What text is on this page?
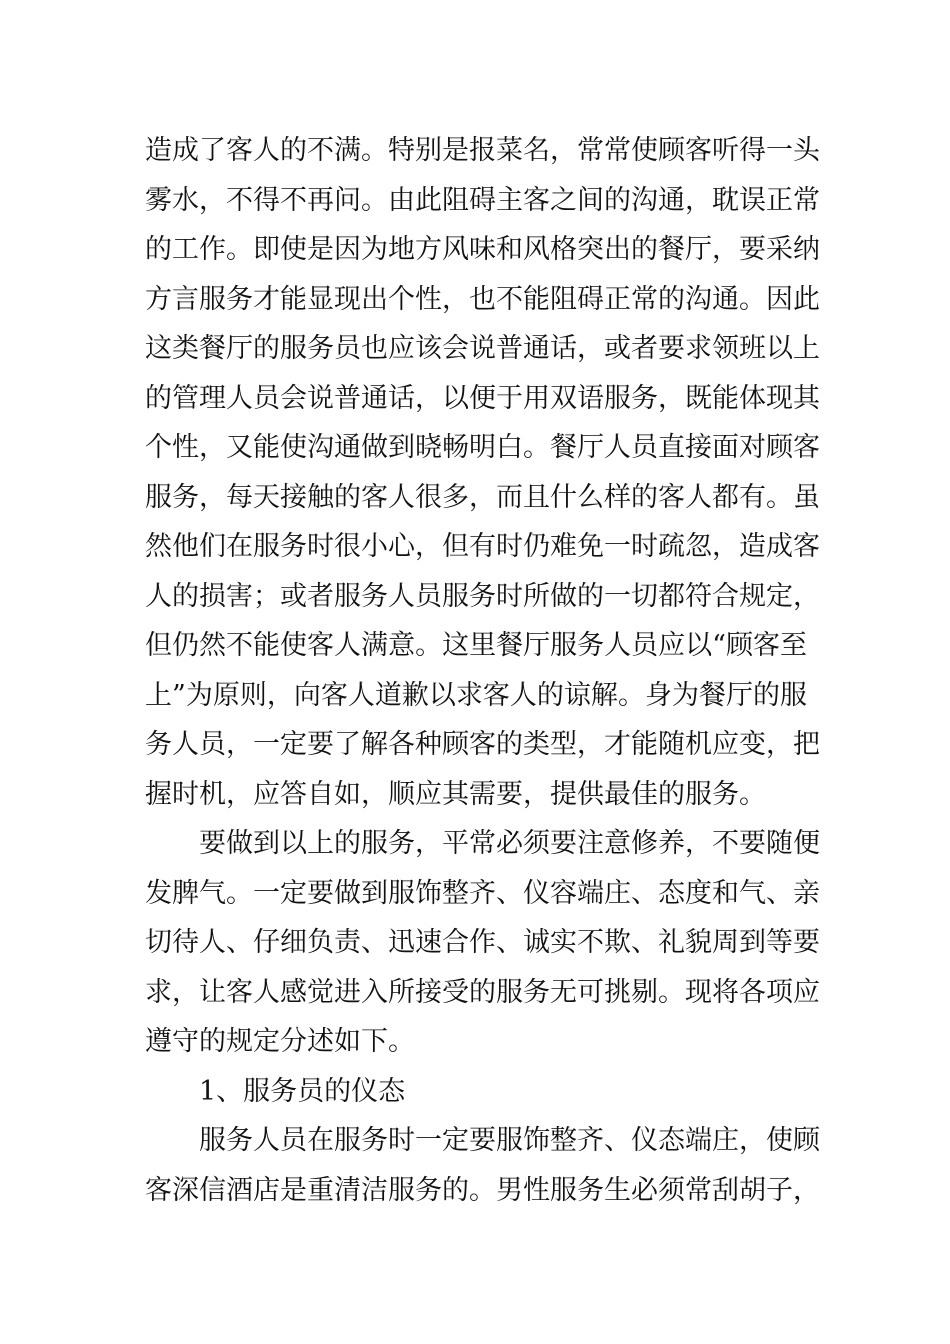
造成了客人的不满。特别是报菜名，常常使顾客听得一头
雾水，不得不再问。由此阻碍主客之间的沟通，耽误正常
的工作。即使是因为地方风味和风格突出的餐厅，要采纳
方言服务才能显现出个性，也不能阻碍正常的沟通。因此
这类餐厅的服务员也应该会说普通话，或者要求领班以上
的管理人员会说普通话，以便于用双语服务，既能体现其
个性，又能使沟通做到晓畅明白。餐厅人员直接面对顾客
服务，每天接触的客人很多，而且什么样的客人都有。虽
然他们在服务时很小心，但有时仍难免一时疏忽，造成客
人的损害；或者服务人员服务时所做的一切都符合规定，
但仍然不能使客人满意。这里餐厅服务人员应以“顾客至
上”为原则，向客人道歉以求客人的谅解。身为餐厅的服
务人员，一定要了解各种顾客的类型，才能随机应变，把
握时机，应答自如，顺应其需要，提供最佳的服务。
要做到以上的服务，平常必须要注意修养，不要随便
发脾气。一定要做到服饰整齐、仪容端庄、态度和气、亲
切待人、仔细负责、迅速合作、诚实不欺、礼貌周到等要
求，让客人感觉进入所接受的服务无可挑剔。现将各项应
遵守的规定分述如下。
1、服务员的仪态
服务人员在服务时一定要服饰整齐、仪态端庄，使顾
客深信酒店是重清洁服务的。男性服务生必须常刮胡子，
